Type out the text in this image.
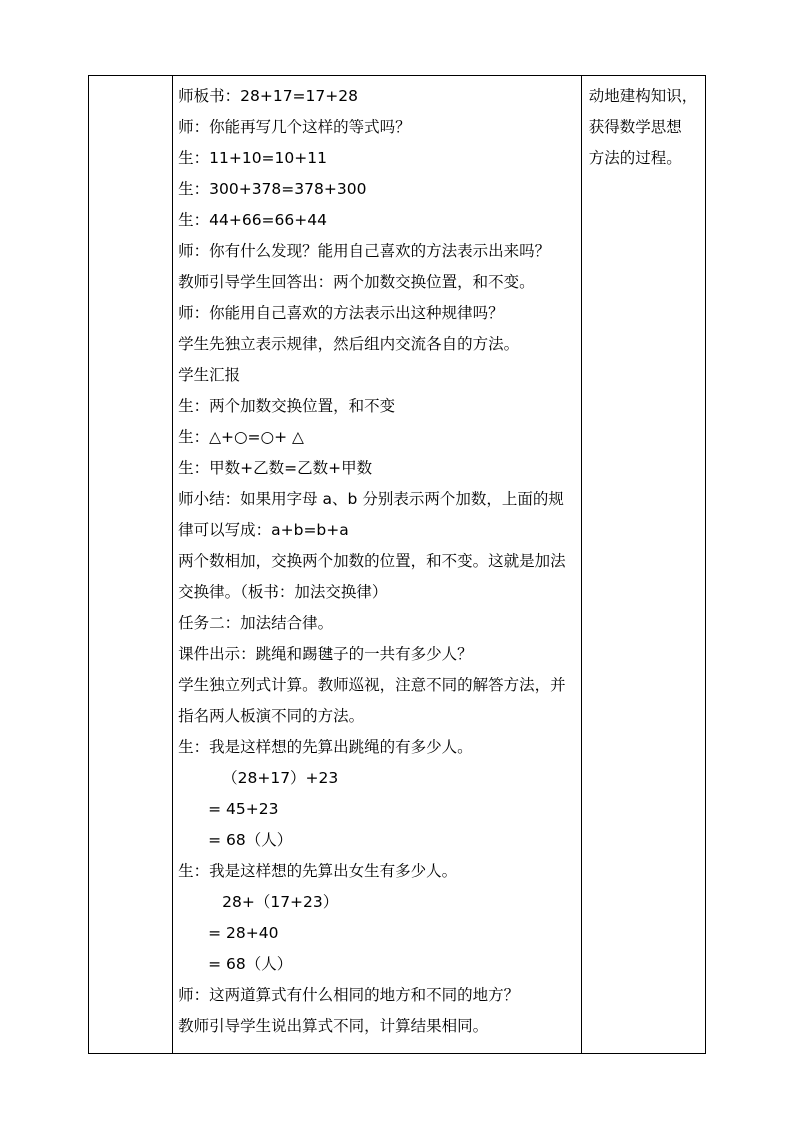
师板书：28+17=17+28
师：你能再写几个这样的等式吗？
生：11+10=10+11
生：300+378=378+300
生：44+66=66+44
师：你有什么发现？能用自己喜欢的方法表示出来吗？
教师引导学生回答出：两个加数交换位置，和不变。
师：你能用自己喜欢的方法表示出这种规律吗？
学生先独立表示规律，然后组内交流各自的方法。
学生汇报
生：两个加数交换位置，和不变
生：△+○=○+ △
生：甲数+乙数=乙数+甲数
师小结：如果用字母 a、b 分别表示两个加数，上面的规
律可以写成：a+b=b+a
两个数相加，交换两个加数的位置，和不变。这就是加法
交换律。（板书：加法交换律）
任务二：加法结合律。
课件出示：跳绳和踢毽子的一共有多少人？
学生独立列式计算。教师巡视，注意不同的解答方法，并
指名两人板演不同的方法。
生：我是这样想的先算出跳绳的有多少人。
（28+17）+23
= 45+23
= 68（人）
生：我是这样想的先算出女生有多少人。
28+（17+23）
= 28+40
= 68（人）
师：这两道算式有什么相同的地方和不同的地方？
教师引导学生说出算式不同，计算结果相同。

动地建构知识，
获得数学思想
方法的过程。
